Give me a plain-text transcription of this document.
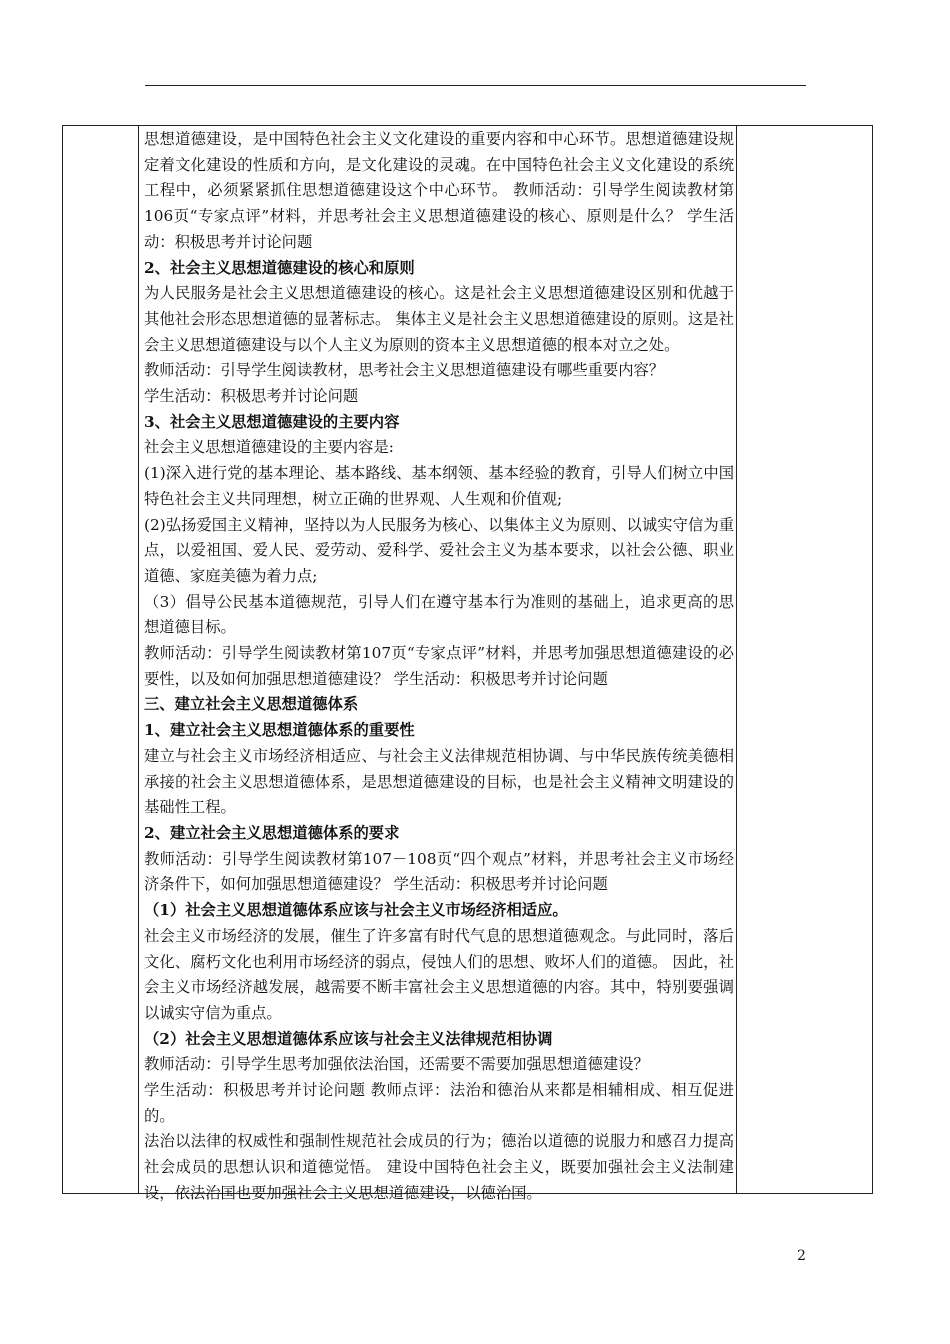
思想道德建设，是中国特色社会主义文化建设的重要内容和中心环节。思想道德建设规定着文化建设的性质和方向，是文化建设的灵魂。在中国特色社会主义文化建设的系统工程中，必须紧紧抓住思想道德建设这个中心环节。 教师活动：引导学生阅读教材第106页“专家点评”材料，并思考社会主义思想道德建设的核心、原则是什么？ 学生活动：积极思考并讨论问题

2、社会主义思想道德建设的核心和原则

为人民服务是社会主义思想道德建设的核心。这是社会主义思想道德建设区别和优越于其他社会形态思想道德的显著标志。 集体主义是社会主义思想道德建设的原则。这是社会主义思想道德建设与以个人主义为原则的资本主义思想道德的根本对立之处。

教师活动：引导学生阅读教材，思考社会主义思想道德建设有哪些重要内容？

学生活动：积极思考并讨论问题

3、社会主义思想道德建设的主要内容

社会主义思想道德建设的主要内容是:

(1)深入进行党的基本理论、基本路线、基本纲领、基本经验的教育，引导人们树立中国特色社会主义共同理想，树立正确的世界观、人生观和价值观;

(2)弘扬爱国主义精神，坚持以为人民服务为核心、以集体主义为原则、以诚实守信为重点，以爱祖国、爱人民、爱劳动、爱科学、爱社会主义为基本要求，以社会公德、职业道德、家庭美德为着力点;

（3）倡导公民基本道德规范，引导人们在遵守基本行为准则的基础上，追求更高的思想道德目标。

教师活动：引导学生阅读教材第107页“专家点评”材料，并思考加强思想道德建设的必要性，以及如何加强思想道德建设？ 学生活动：积极思考并讨论问题

三、建立社会主义思想道德体系

1、建立社会主义思想道德体系的重要性

建立与社会主义市场经济相适应、与社会主义法律规范相协调、与中华民族传统美德相承接的社会主义思想道德体系，是思想道德建设的目标，也是社会主义精神文明建设的基础性工程。

2、建立社会主义思想道德体系的要求

教师活动：引导学生阅读教材第107－108页“四个观点”材料，并思考社会主义市场经济条件下，如何加强思想道德建设？ 学生活动：积极思考并讨论问题

（1）社会主义思想道德体系应该与社会主义市场经济相适应。

社会主义市场经济的发展，催生了许多富有时代气息的思想道德观念。与此同时，落后文化、腐朽文化也利用市场经济的弱点，侵蚀人们的思想、败坏人们的道德。 因此，社会主义市场经济越发展，越需要不断丰富社会主义思想道德的内容。其中，特别要强调以诚实守信为重点。

（2）社会主义思想道德体系应该与社会主义法律规范相协调

教师活动：引导学生思考加强依法治国，还需要不需要加强思想道德建设？

学生活动：积极思考并讨论问题 教师点评：法治和德治从来都是相辅相成、相互促进的。

法治以法律的权威性和强制性规范社会成员的行为；德治以道德的说服力和感召力提高社会成员的思想认识和道德觉悟。 建设中国特色社会主义，既要加强社会主义法制建设，依法治国也要加强社会主义思想道德建设，以德治国。

2
